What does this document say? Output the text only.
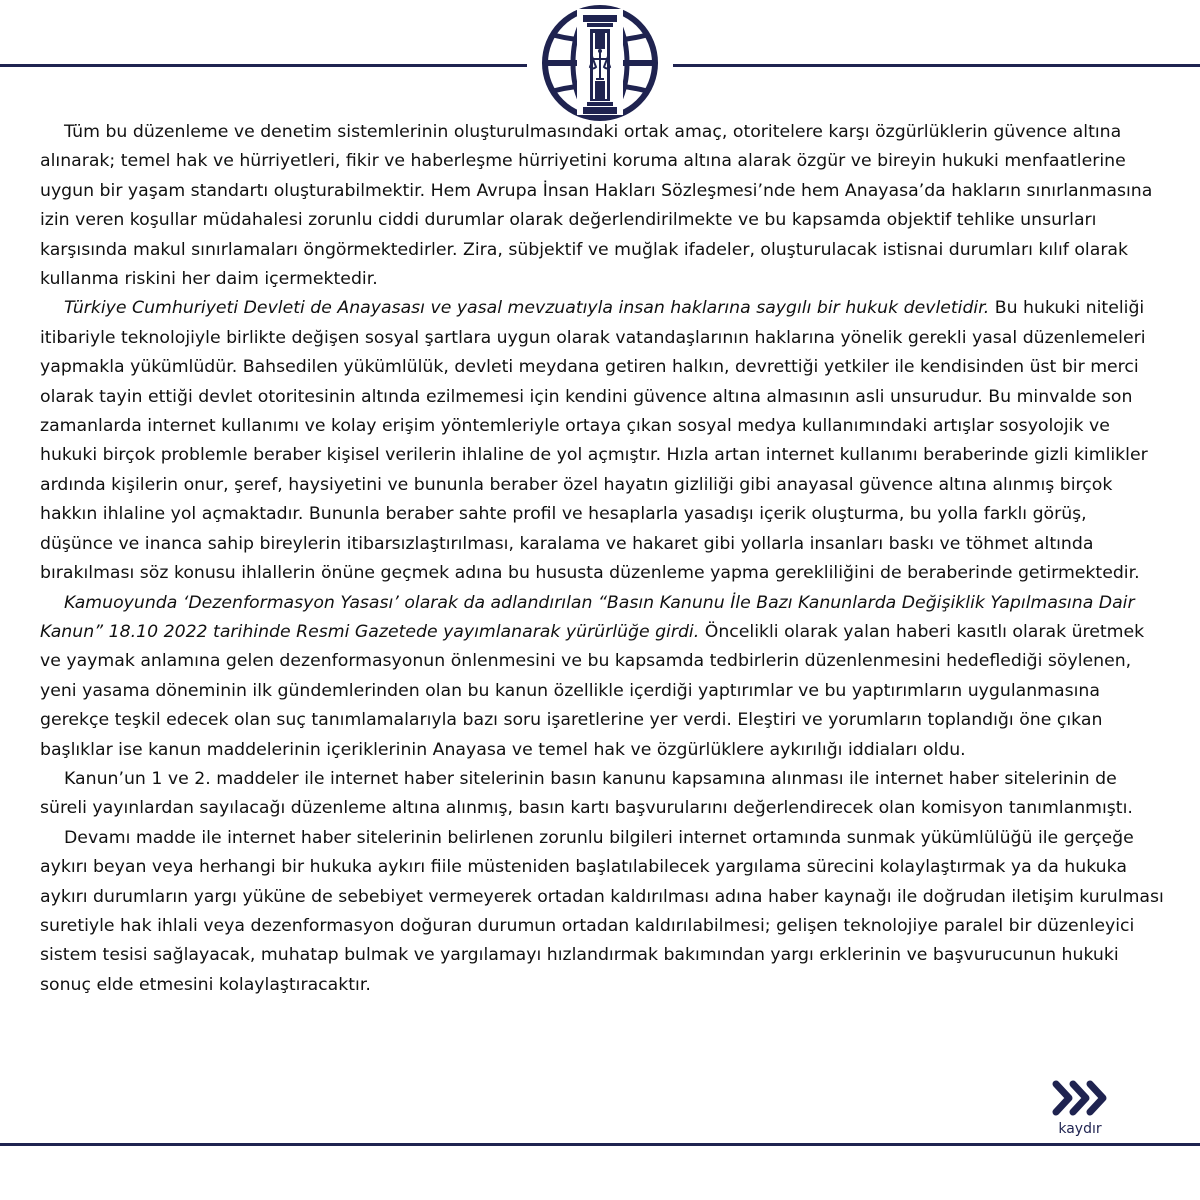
Tüm bu düzenleme ve denetim sistemlerinin oluşturulmasındaki ortak amaç, otoritelere karşı özgürlüklerin güvence altına alınarak; temel hak ve hürriyetleri, fikir ve haberleşme hürriyetini koruma altına alarak özgür ve bireyin hukuki menfaatlerine uygun bir yaşam standartı oluşturabilmektir. Hem Avrupa İnsan Hakları Sözleşmesi’nde hem Anayasa’da hakların sınırlanmasına izin veren koşullar müdahalesi zorunlu ciddi durumlar olarak değerlendirilmekte ve bu kapsamda objektif tehlike unsurları karşısında makul sınırlamaları öngörmektedirler. Zira, sübjektif ve muğlak ifadeler, oluşturulacak istisnai durumları kılıf olarak kullanma riskini her daim içermektedir.

Türkiye Cumhuriyeti Devleti de Anayasası ve yasal mevzuatıyla insan haklarına saygılı bir hukuk devletidir. Bu hukuki niteliği itibariyle teknolojiyle birlikte değişen sosyal şartlara uygun olarak vatandaşlarının haklarına yönelik gerekli yasal düzenlemeleri yapmakla yükümlüdür. Bahsedilen yükümlülük, devleti meydana getiren halkın, devrettiği yetkiler ile kendisinden üst bir merci olarak tayin ettiği devlet otoritesinin altında ezilmemesi için kendini güvence altına almasının asli unsurudur. Bu minvalde son zamanlarda internet kullanımı ve kolay erişim yöntemleriyle ortaya çıkan sosyal medya kullanımındaki artışlar sosyolojik ve hukuki birçok problemle beraber kişisel verilerin ihlaline de yol açmıştır. Hızla artan internet kullanımı beraberinde gizli kimlikler ardında kişilerin onur, şeref, haysiyetini ve bununla beraber özel hayatın gizliliği gibi anayasal güvence altına alınmış birçok hakkın ihlaline yol açmaktadır. Bununla beraber sahte profil ve hesaplarla yasadışı içerik oluşturma, bu yolla farklı görüş, düşünce ve inanca sahip bireylerin itibarsızlaştırılması, karalama ve hakaret gibi yollarla insanları baskı ve töhmet altında bırakılması söz konusu ihlallerin önüne geçmek adına bu hususta düzenleme yapma gerekliliğini de beraberinde getirmektedir.

Kamuoyunda ‘Dezenformasyon Yasası’ olarak da adlandırılan “Basın Kanunu İle Bazı Kanunlarda Değişiklik Yapılmasına Dair Kanun” 18.10 2022 tarihinde Resmi Gazetede yayımlanarak yürürlüğe girdi. Öncelikli olarak yalan haberi kasıtlı olarak üretmek ve yaymak anlamına gelen dezenformasyonun önlenmesini ve bu kapsamda tedbirlerin düzenlenmesini hedeflediği söylenen, yeni yasama döneminin ilk gündemlerinden olan bu kanun özellikle içerdiği yaptırımlar ve bu yaptırımların uygulanmasına gerekçe teşkil edecek olan suç tanımlamalarıyla bazı soru işaretlerine yer verdi. Eleştiri ve yorumların toplandığı öne çıkan başlıklar ise kanun maddelerinin içeriklerinin Anayasa ve temel hak ve özgürlüklere aykırılığı iddiaları oldu.

Kanun’un 1 ve 2. maddeler ile internet haber sitelerinin basın kanunu kapsamına alınması ile internet haber sitelerinin de süreli yayınlardan sayılacağı düzenleme altına alınmış, basın kartı başvurularını değerlendirecek olan komisyon tanımlanmıştı.

Devamı madde ile internet haber sitelerinin belirlenen zorunlu bilgileri internet ortamında sunmak yükümlülüğü ile gerçeğe aykırı beyan veya herhangi bir hukuka aykırı fiile müsteniden başlatılabilecek yargılama sürecini kolaylaştırmak ya da hukuka aykırı durumların yargı yüküne de sebebiyet vermeyerek ortadan kaldırılması adına haber kaynağı ile doğrudan iletişim kurulması suretiyle hak ihlali veya dezenformasyon doğuran durumun ortadan kaldırılabilmesi; gelişen teknolojiye paralel bir düzenleyici sistem tesisi sağlayacak, muhatap bulmak ve yargılamayı hızlandırmak bakımından yargı erklerinin ve başvurucunun hukuki sonuç elde etmesini kolaylaştıracaktır.

kaydır
